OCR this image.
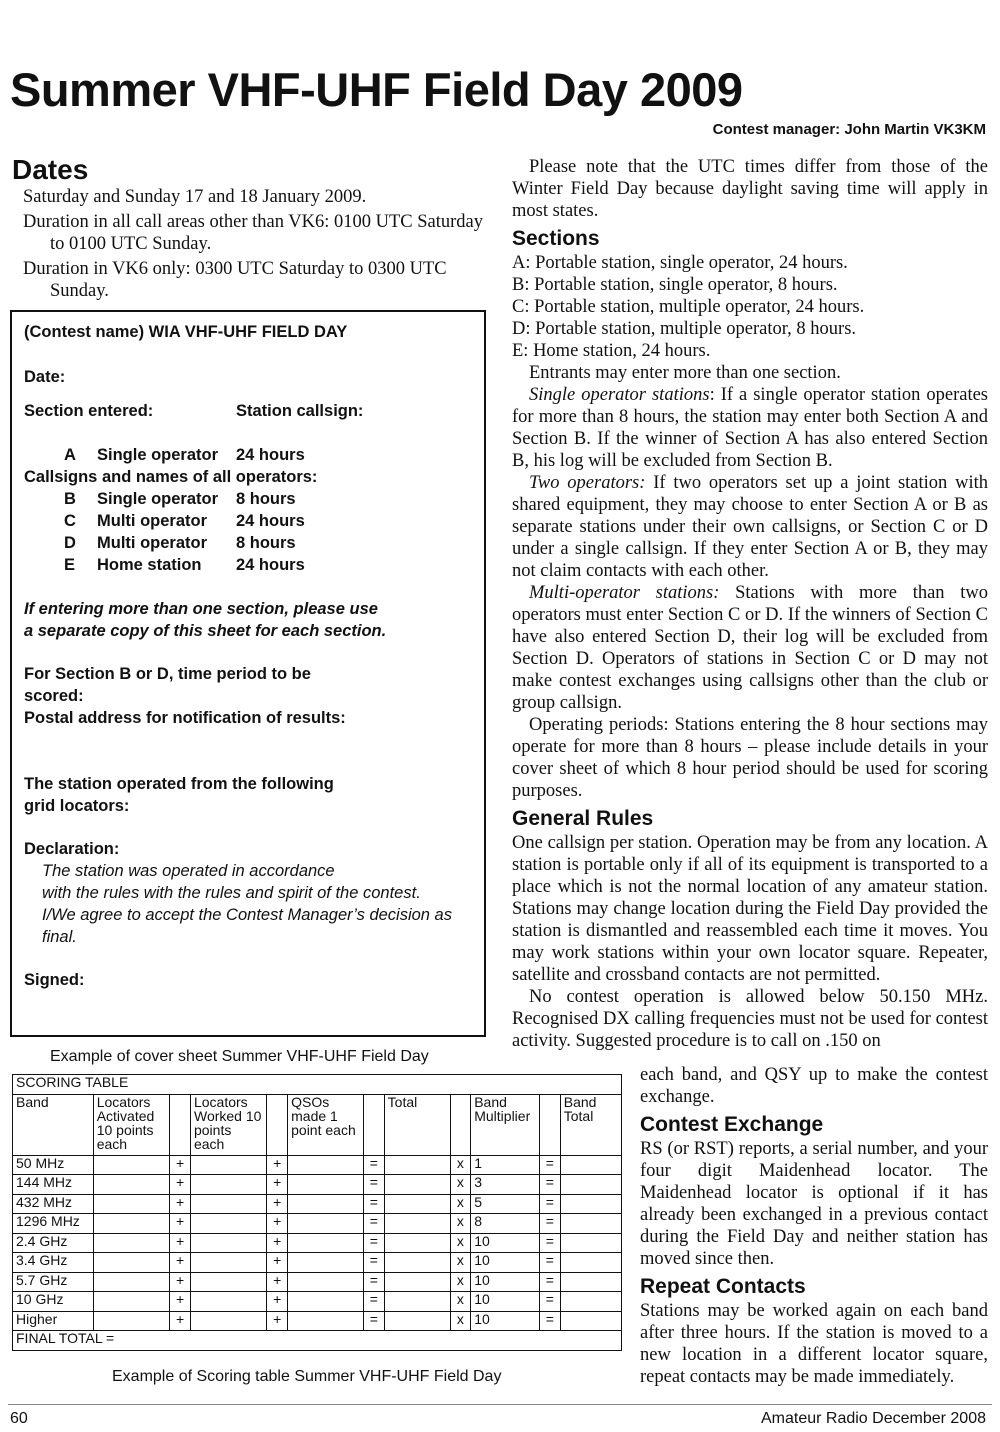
Summer VHF-UHF Field Day 2009
Contest manager: John Martin VK3KM
Dates

Saturday and Sunday 17 and 18 January 2009.

Duration in all call areas other than VK6: 0100 UTC Saturday to 0100 UTC Sunday.

Duration in VK6 only: 0300 UTC Saturday to 0300 UTC Sunday.

(Contest name) WIA VHF-UHF FIELD DAY
Date:
Section entered:	Station callsign:
A Single operator 24 hours
Callsigns and names of all operators:
B Single operator 8 hours
C Multi operator 24 hours
D Multi operator 8 hours
E Home station 24 hours
If entering more than one section, please use
a separate copy of this sheet for each section.
For Section B or D, time period to be
scored:
Postal address for notification of results:
The station operated from the following
grid locators:
Declaration:
The station was operated in accordance
with the rules with the rules and spirit of the contest.
I/We agree to accept the Contest Manager’s decision as
final.
Signed:
Example of cover sheet Summer VHF-UHF Field Day
SCORING TABLE											
Band	Locators Activated 10 points each		Locators Worked 10 points each		QSOs made 1 point each		Total		Band Multiplier		Band Total
50 MHz		+		+		=		x	1	=	
144 MHz		+		+		=		x	3	=	
432 MHz		+		+		=		x	5	=	
1296 MHz		+		+		=		x	8	=	
2.4 GHz		+		+		=		x	10	=	
3.4 GHz		+		+		=		x	10	=	
5.7 GHz		+		+		=		x	10	=	
10 GHz		+		+		=		x	10	=	
Higher		+		+		=		x	10	=	
FINAL TOTAL =											
Example of Scoring table Summer VHF-UHF Field Day

Please note that the UTC times differ from those of the Winter Field Day because daylight saving time will apply in most states.

Sections

A: Portable station, single operator, 24 hours.

B: Portable station, single operator, 8 hours.

C: Portable station, multiple operator, 24 hours.

D: Portable station, multiple operator, 8 hours.

E: Home station, 24 hours.

Entrants may enter more than one section.

Single operator stations: If a single operator station operates for more than 8 hours, the station may enter both Section A and Section B. If the winner of Section A has also entered Section B, his log will be excluded from Section B.

Two operators: If two operators set up a joint station with shared equipment, they may choose to enter Section A or B as separate stations under their own callsigns, or Section C or D under a single callsign. If they enter Section A or B, they may not claim contacts with each other.

Multi-operator stations: Stations with more than two operators must enter Section C or D. If the winners of Section C have also entered Section D, their log will be excluded from Section D. Operators of stations in Section C or D may not make contest exchanges using callsigns other than the club or group callsign.

Operating periods: Stations entering the 8 hour sections may operate for more than 8 hours – please include details in your cover sheet of which 8 hour period should be used for scoring purposes.

General Rules

One callsign per station. Operation may be from any location. A station is portable only if all of its equipment is transported to a place which is not the normal location of any amateur station. Stations may change location during the Field Day provided the station is dismantled and reassembled each time it moves. You may work stations within your own locator square. Repeater, satellite and crossband contacts are not permitted.

No contest operation is allowed below 50.150 MHz. Recognised DX calling frequencies must not be used for contest activity. Suggested procedure is to call on .150 on

each band, and QSY up to make the contest exchange.

Contest Exchange

RS (or RST) reports, a serial number, and your four digit Maidenhead locator. The Maidenhead locator is optional if it has already been exchanged in a previous contact during the Field Day and neither station has moved since then.

Repeat Contacts

Stations may be worked again on each band after three hours. If the station is moved to a new location in a different locator square, repeat contacts may be made immediately.

60	Amateur Radio December 2008
